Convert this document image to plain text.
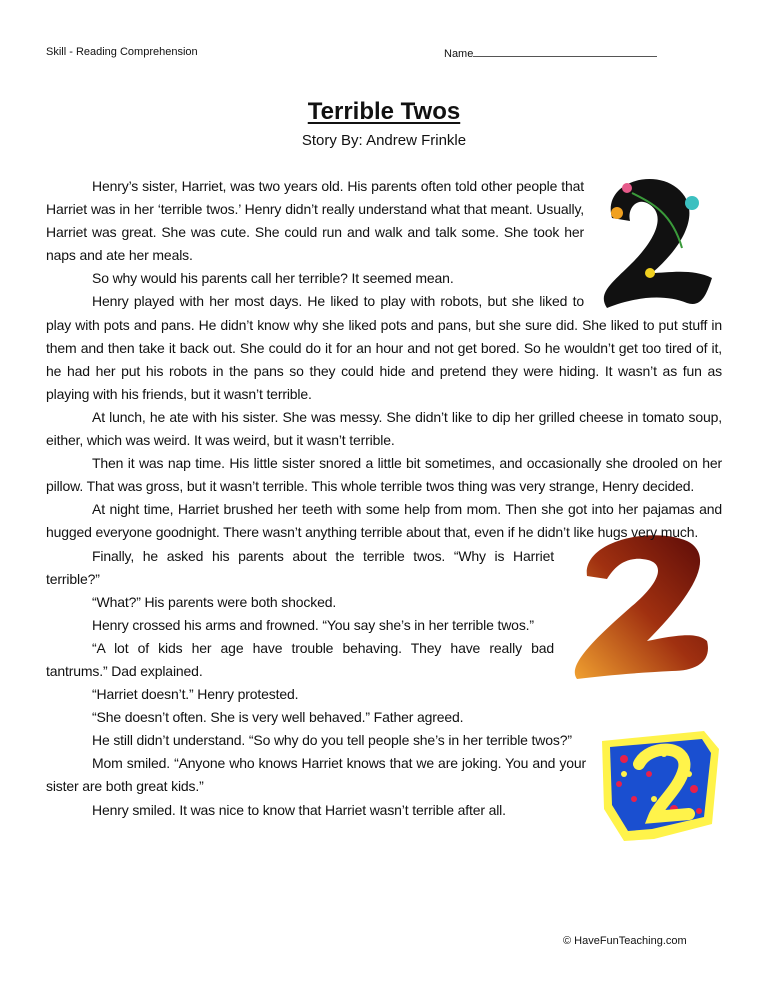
Skill - Reading Comprehension	Name
Terrible Twos
Story By: Andrew Frinkle

Henry’s sister, Harriet, was two years old. His parents often told other people that Harriet was in her ‘terrible twos.’ Henry didn’t really understand what that meant. Usually, Harriet was great. She was cute. She could run and walk and talk some. She took her naps and ate her meals.

So why would his parents call her terrible? It seemed mean.

Henry played with her most days. He liked to play with robots, but she liked to play with pots and pans. He didn’t know why she liked pots and pans, but she sure did. She liked to put stuff in them and then take it back out. She could do it for an hour and not get bored. So he wouldn’t get too tired of it, he had her put his robots in the pans so they could hide and pretend they were hiding. It wasn’t as fun as playing with his friends, but it wasn’t terrible.

At lunch, he ate with his sister. She was messy. She didn’t like to dip her grilled cheese in tomato soup, either, which was weird. It was weird, but it wasn’t terrible.

Then it was nap time. His little sister snored a little bit sometimes, and occasionally she drooled on her pillow. That was gross, but it wasn’t terrible. This whole terrible twos thing was very strange, Henry decided.

At night time, Harriet brushed her teeth with some help from mom. Then she got into her pajamas and hugged everyone goodnight. There wasn’t anything terrible about that, even if he didn’t like hugs very much.

Finally, he asked his parents about the terrible twos. “Why is Harriet terrible?”

“What?” His parents were both shocked.

Henry crossed his arms and frowned. “You say she’s in her terrible twos.”

“A lot of kids her age have trouble behaving. They have really bad tantrums.” Dad explained.

“Harriet doesn’t.” Henry protested.

“She doesn’t often. She is very well behaved.” Father agreed.

He still didn’t understand. “So why do you tell people she’s in her terrible twos?”

Mom smiled. “Anyone who knows Harriet knows that we are joking. You and your sister are both great kids.”

Henry smiled. It was nice to know that Harriet wasn’t terrible after all.

© HaveFunTeaching.com
